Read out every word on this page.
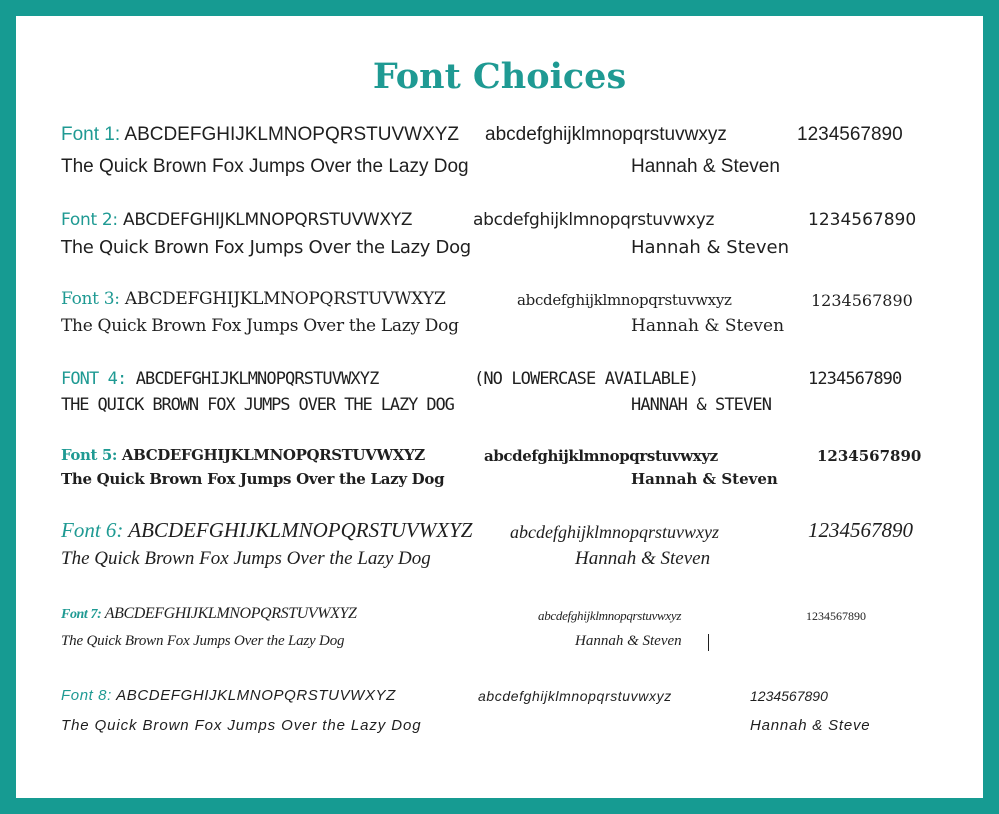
Font Choices
Font 1: ABCDEFGHIJKLMNOPQRSTUVWXYZ abcdefghijklmnopqrstuvwxyz	1234567890
The Quick Brown Fox Jumps Over the Lazy Dog	Hannah & Steven
Font 2: ABCDEFGHIJKLMNOPQRSTUVWXYZ	abcdefghijklmnopqrstuvwxyz	1234567890
The Quick Brown Fox Jumps Over the Lazy Dog	Hannah & Steven
Font 3: ABCDEFGHIJKLMNOPQRSTUVWXYZ	abcdefghijklmnopqrstuvwxyz	1234567890
The Quick Brown Fox Jumps Over the Lazy Dog	Hannah & Steven
FONT 4: ABCDEFGHIJKLMNOPQRSTUVWXYZ	(NO LOWERCASE AVAILABLE)	1234567890
THE QUICK BROWN FOX JUMPS OVER THE LAZY DOG	HANNAH & STEVEN
Font 5: ABCDEFGHIJKLMNOPQRSTUVWXYZ	abcdefghijklmnopqrstuvwxyz	1234567890
The Quick Brown Fox Jumps Over the Lazy Dog	Hannah & Steven
Font 6: ABCDEFGHIJKLMNOPQRSTUVWXYZ abcdefghijklmnopqrstuvwxyz	1234567890
The Quick Brown Fox Jumps Over the Lazy Dog	Hannah & Steven
Font 7: ABCDEFGHIJKLMNOPQRSTUVWXYZ	abcdefghijklmnopqrstuvwxyz	1234567890
The Quick Brown Fox Jumps Over the Lazy Dog	Hannah & Steven
Font 8: ABCDEFGHIJKLMNOPQRSTUVWXYZ	abcdefghijklmnopqrstuvwxyz	1234567890
The Quick Brown Fox Jumps Over the Lazy Dog	Hannah & Steve
